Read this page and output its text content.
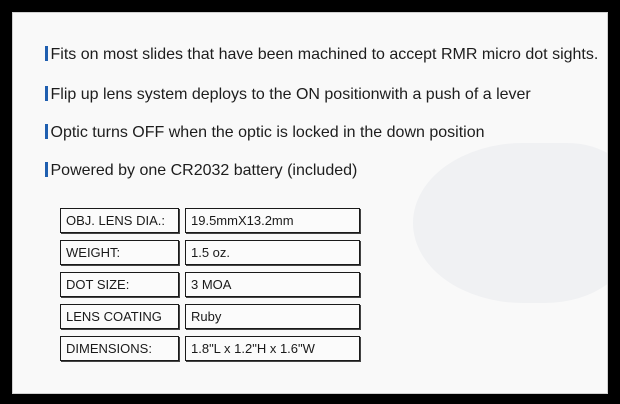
Fits on most slides that have been machined to accept RMR micro dot sights.
Flip up lens system deploys to the ON positionwith a push of a lever
Optic turns OFF when the optic is locked in the down position
Powered by one CR2032 battery (included)
OBJ. LENS DIA.:	19.5mmX13.2mm
WEIGHT:	1.5 oz.
DOT SIZE:	3 MOA
LENS COATING	Ruby
DIMENSIONS:	1.8"L x 1.2"H x 1.6"W
